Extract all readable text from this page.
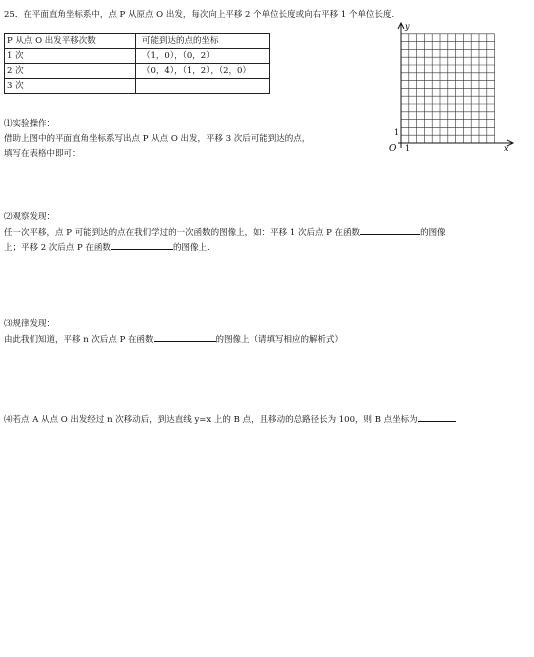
25．在平面直角坐标系中，点 P 从原点 O 出发，每次向上平移 2 个单位长度或向右平移 1 个单位长度.
P 从点 O 出发平移次数	可能到达的点的坐标
1 次	（1，0），（0，2）
2 次	（0，4），（1，2），（2，0）
3 次	
y
x
O 1
1
⑴实验操作：
借助上图中的平面直角坐标系写出点 P 从点 O 出发，平移 3 次后可能到达的点，
填写在表格中即可：
⑵观察发现：
任一次平移，点 P 可能到达的点在我们学过的一次函数的图像上，如：平移 1 次后点 P 在函数	的图像
上；平移 2 次后点 P 在函数	的图像上.
⑶规律发现：
由此我们知道，平移 n 次后点 P 在函数	的图像上（请填写相应的解析式）
⑷若点 A 从点 O 出发经过 n 次移动后，到达直线 y=x 上的 B 点，且移动的总路径长为 100，则 B 点坐标为
